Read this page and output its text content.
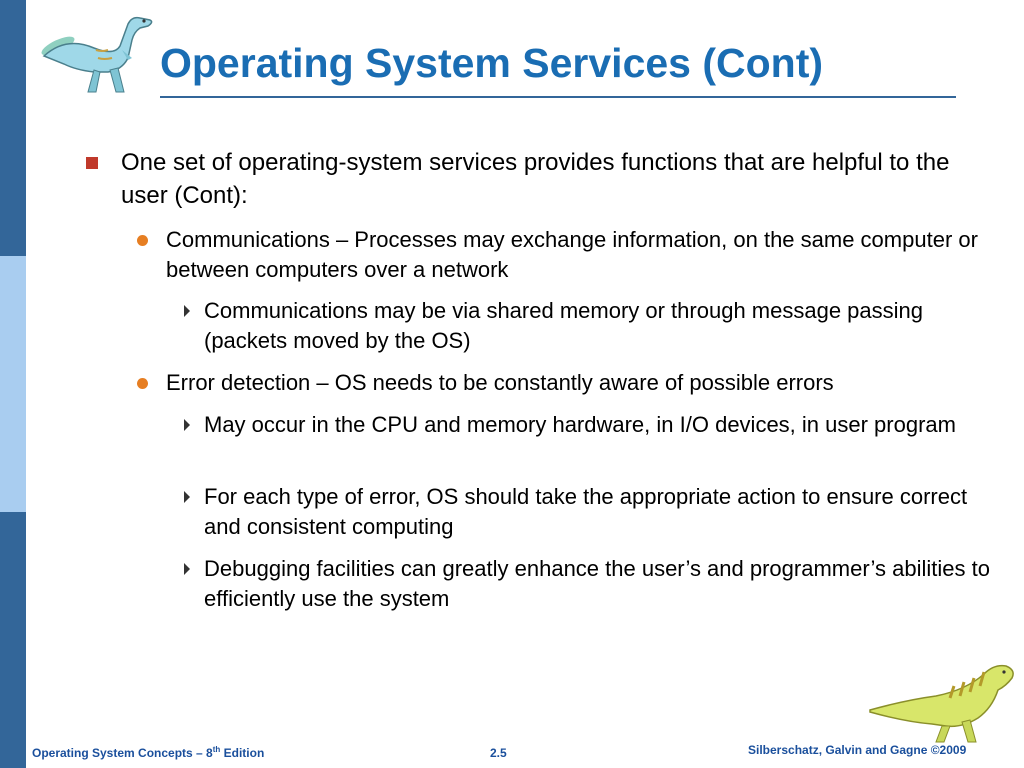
Operating System Services (Cont)
One set of operating-system services provides functions that are helpful to the user (Cont):
Communications – Processes may exchange information, on the same computer or between computers over a network
Communications may be via shared memory or through message passing (packets moved by the OS)
Error detection – OS needs to be constantly aware of possible errors
May occur in the CPU and memory hardware, in I/O devices, in user program
For each type of error, OS should take the appropriate action to ensure correct and consistent computing
Debugging facilities can greatly enhance the user’s and programmer’s abilities to efficiently use the system
Operating System Concepts – 8th Edition	2.5	Silberschatz, Galvin and Gagne ©2009
